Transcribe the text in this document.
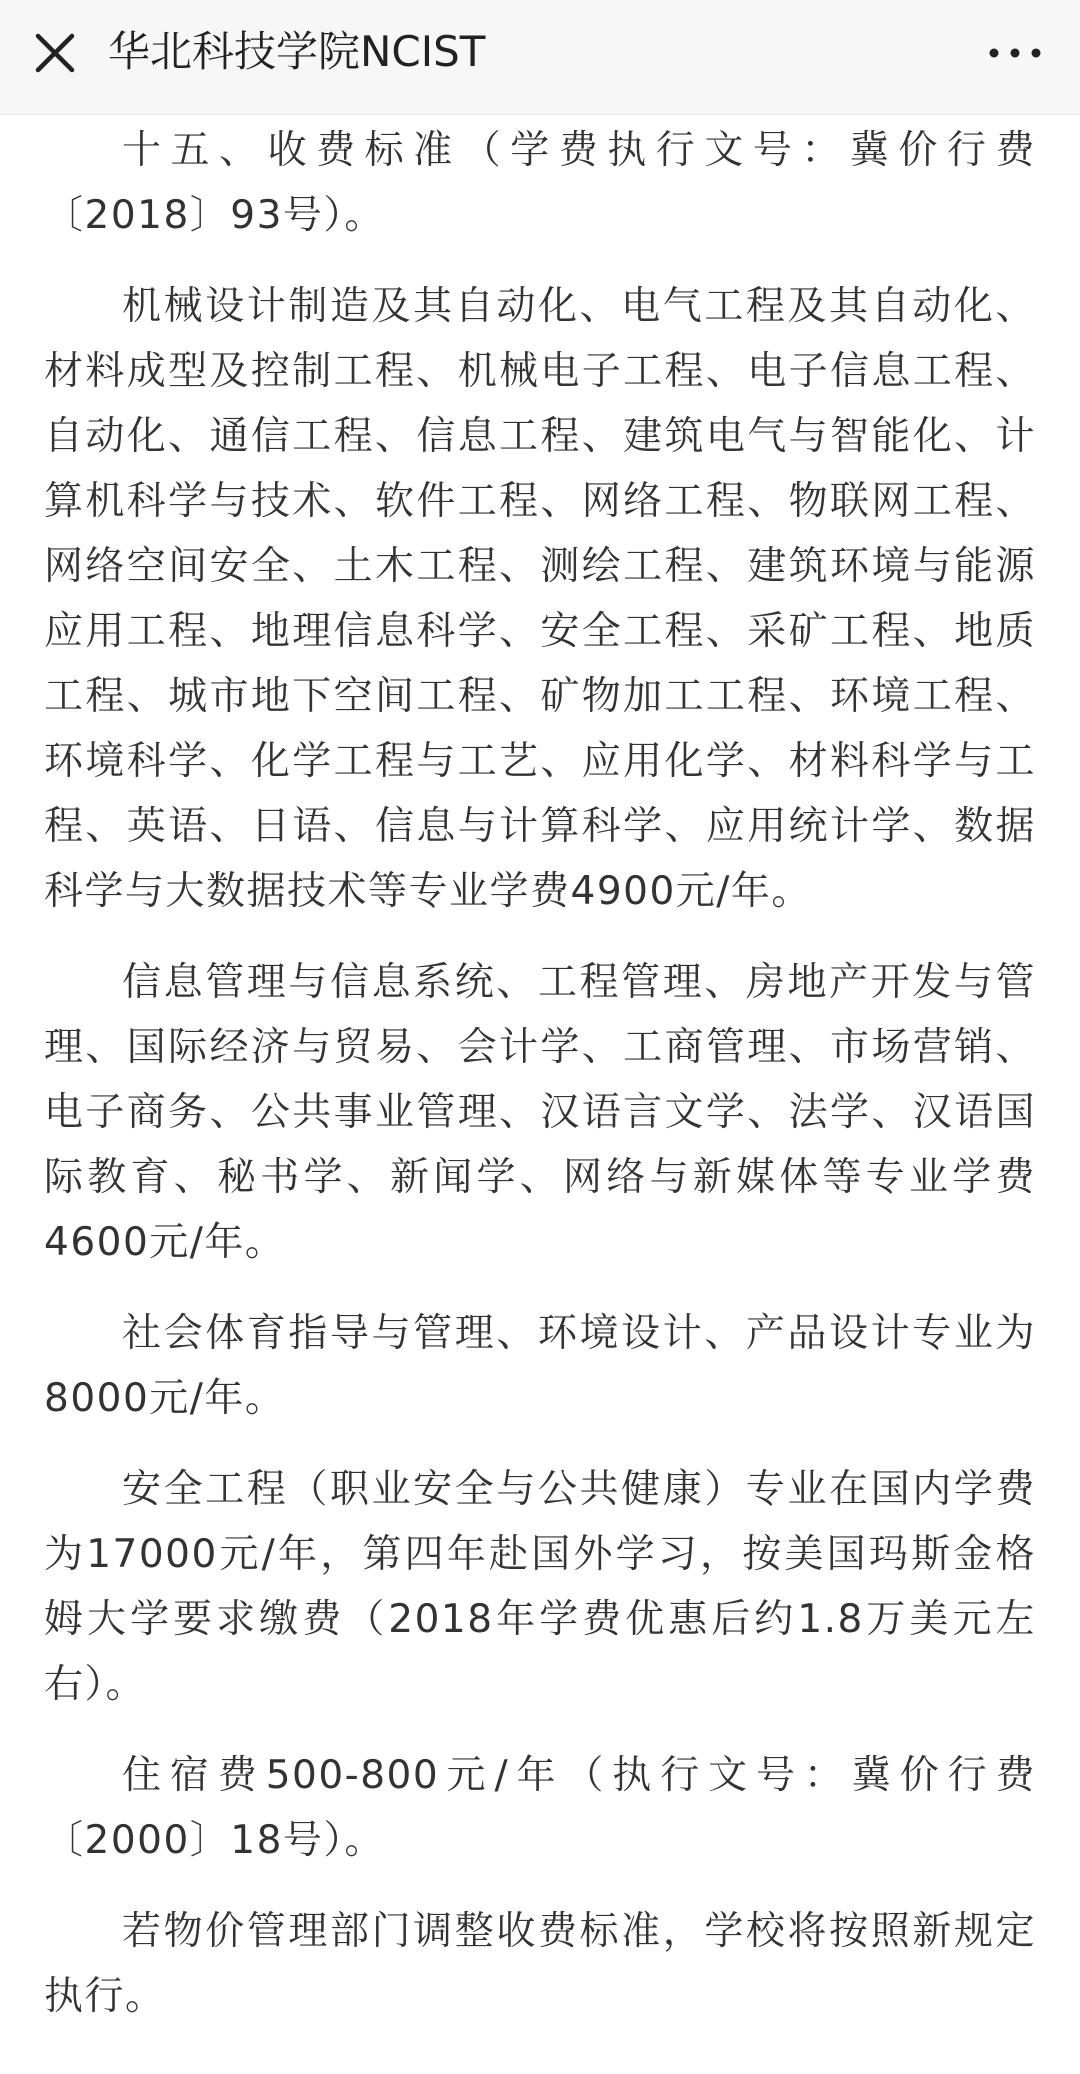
华北科技学院NCIST

十五、收费标准（学费执行文号：冀价行费〔2018〕93号）。

机械设计制造及其自动化、电气工程及其自动化、材料成型及控制工程、机械电子工程、电子信息工程、自动化、通信工程、信息工程、建筑电气与智能化、计算机科学与技术、软件工程、网络工程、物联网工程、网络空间安全、土木工程、测绘工程、建筑环境与能源应用工程、地理信息科学、安全工程、采矿工程、地质工程、城市地下空间工程、矿物加工工程、环境工程、环境科学、化学工程与工艺、应用化学、材料科学与工程、英语、日语、信息与计算科学、应用统计学、数据科学与大数据技术等专业学费4900元/年。

信息管理与信息系统、工程管理、房地产开发与管理、国际经济与贸易、会计学、工商管理、市场营销、电子商务、公共事业管理、汉语言文学、法学、汉语国际教育、秘书学、新闻学、网络与新媒体等专业学费4600元/年。

社会体育指导与管理、环境设计、产品设计专业为8000元/年。

安全工程（职业安全与公共健康）专业在国内学费为17000元/年，第四年赴国外学习，按美国玛斯金格姆大学要求缴费（2018年学费优惠后约1.8万美元左右）。

住宿费500-800元/年（执行文号：冀价行费〔2000〕18号）。

若物价管理部门调整收费标准，学校将按照新规定执行。
